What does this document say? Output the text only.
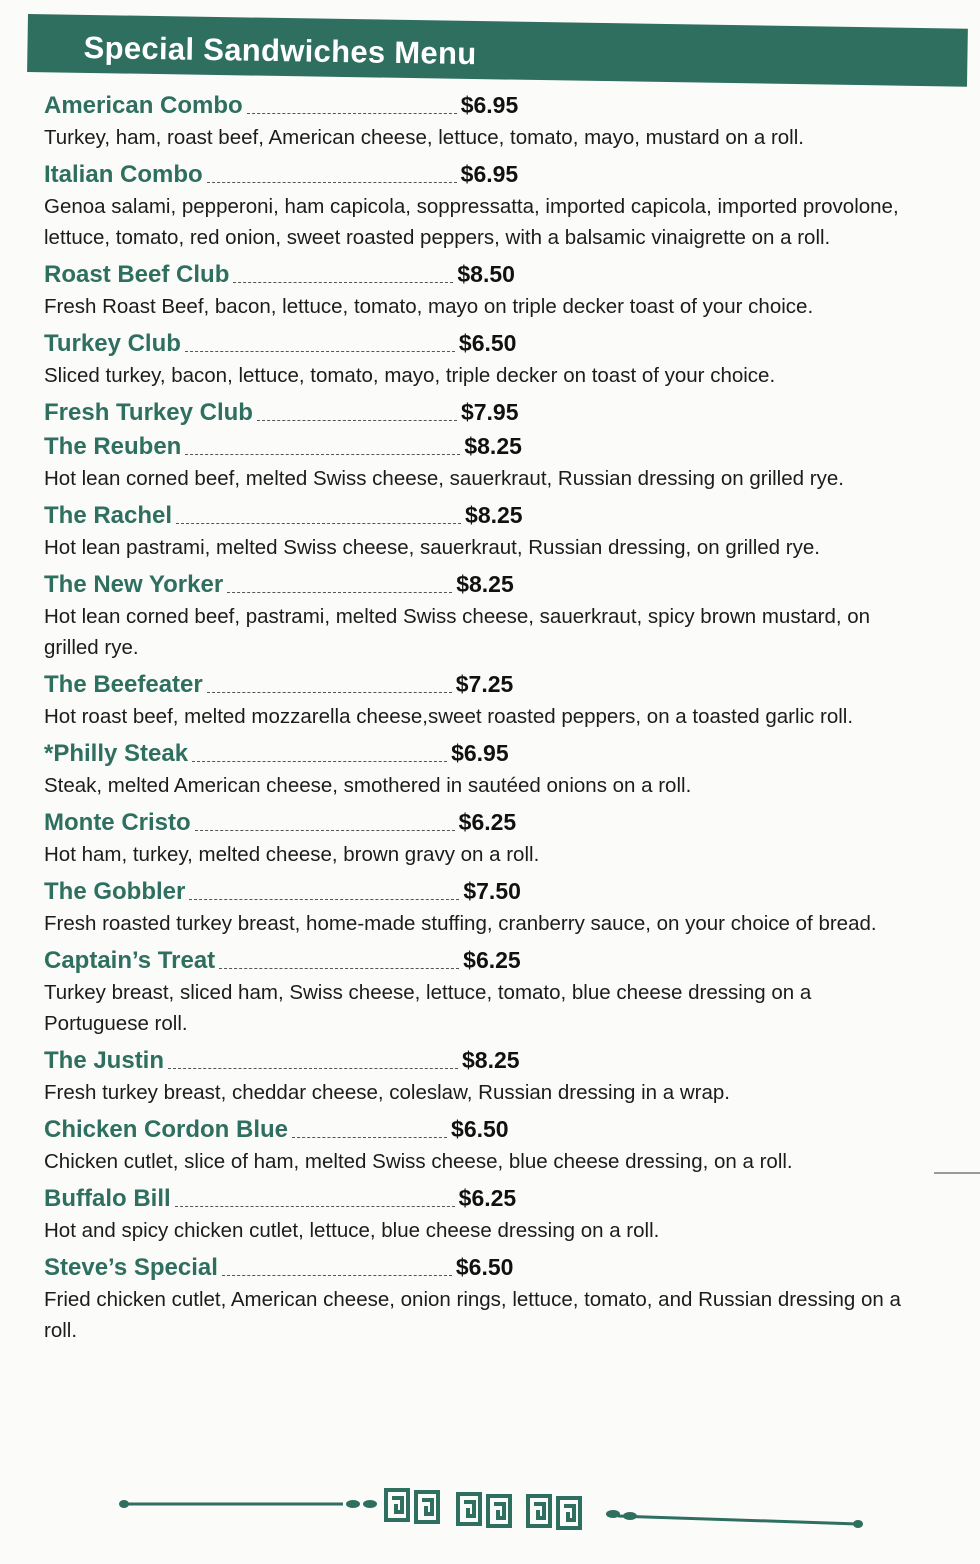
Special Sandwiches Menu
American Combo	$6.95
Turkey, ham, roast beef, American cheese, lettuce, tomato, mayo, mustard on a roll.
Italian Combo	$6.95
Genoa salami, pepperoni, ham capicola, soppressatta, imported capicola, imported provolone, lettuce, tomato, red onion, sweet roasted peppers, with a balsamic vinaigrette on a roll.
Roast Beef Club	$8.50
Fresh Roast Beef, bacon, lettuce, tomato, mayo on triple decker toast of your choice.
Turkey Club	$6.50
Sliced turkey, bacon, lettuce, tomato, mayo, triple decker on toast of your choice.
Fresh Turkey Club	$7.95
The Reuben	$8.25
Hot lean corned beef, melted Swiss cheese, sauerkraut, Russian dressing on grilled rye.
The Rachel	$8.25
Hot lean pastrami, melted Swiss cheese, sauerkraut, Russian dressing, on grilled rye.
The New Yorker	$8.25
Hot lean corned beef, pastrami, melted Swiss cheese, sauerkraut, spicy brown mustard, on grilled rye.
The Beefeater	$7.25
Hot roast beef, melted mozzarella cheese,sweet roasted peppers, on a toasted garlic roll.
*Philly Steak	$6.95
Steak, melted American cheese, smothered in sautéed onions on a roll.
Monte Cristo	$6.25
Hot ham, turkey, melted cheese, brown gravy on a roll.
The Gobbler	$7.50
Fresh roasted turkey breast, home-made stuffing, cranberry sauce, on your choice of bread.
Captain’s Treat	$6.25
Turkey breast, sliced ham, Swiss cheese, lettuce, tomato, blue cheese dressing on a Portuguese roll.
The Justin	$8.25
Fresh turkey breast, cheddar cheese, coleslaw, Russian dressing in a wrap.
Chicken Cordon Blue	$6.50
Chicken cutlet, slice of ham, melted Swiss cheese, blue cheese dressing, on a roll.
Buffalo Bill	$6.25
Hot and spicy chicken cutlet, lettuce, blue cheese dressing on a roll.
Steve’s Special	$6.50
Fried chicken cutlet, American cheese, onion rings, lettuce, tomato, and Russian dressing on a roll.
